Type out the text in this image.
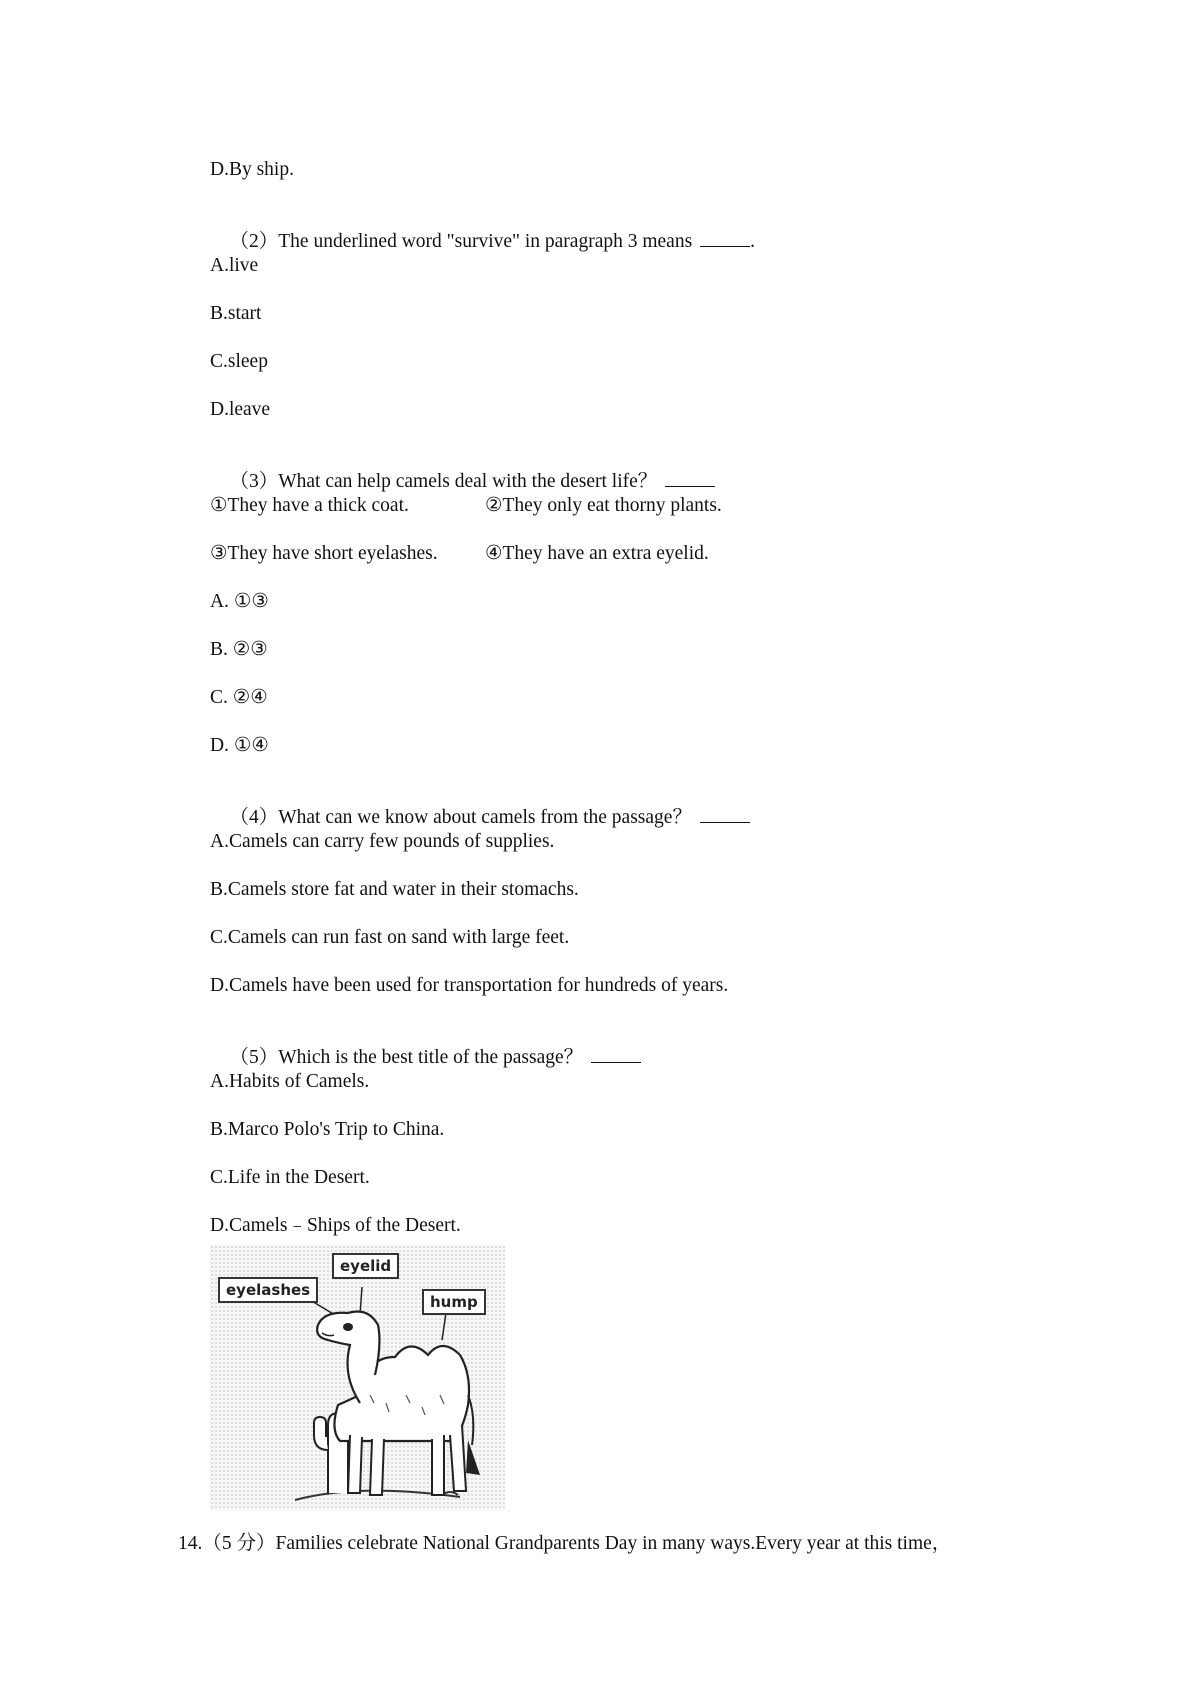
D.By ship.

（2）The underlined word "survive" in paragraph 3 means	.

A.live
B.start
C.sleep
D.leave

（3）What can help camels deal with the desert life？

①They have a thick coat.	②They only eat thorny plants.
③They have short eyelashes. ④They have an extra eyelid.
A. ①③
B. ②③
C. ②④
D. ①④

（4）What can we know about camels from the passage？

A.Camels can carry few pounds of supplies.
B.Camels store fat and water in their stomachs.
C.Camels can run fast on sand with large feet.
D.Camels have been used for transportation for hundreds of years.

（5）Which is the best title of the passage？

A.Habits of Camels.
B.Marco Polo's Trip to China.
C.Life in the Desert.
D.Camels﹣Ships of the Desert.
eyelashes
eyelid
hump
14.（5 分）Families celebrate National Grandparents Day in many ways.Every year at this time，
